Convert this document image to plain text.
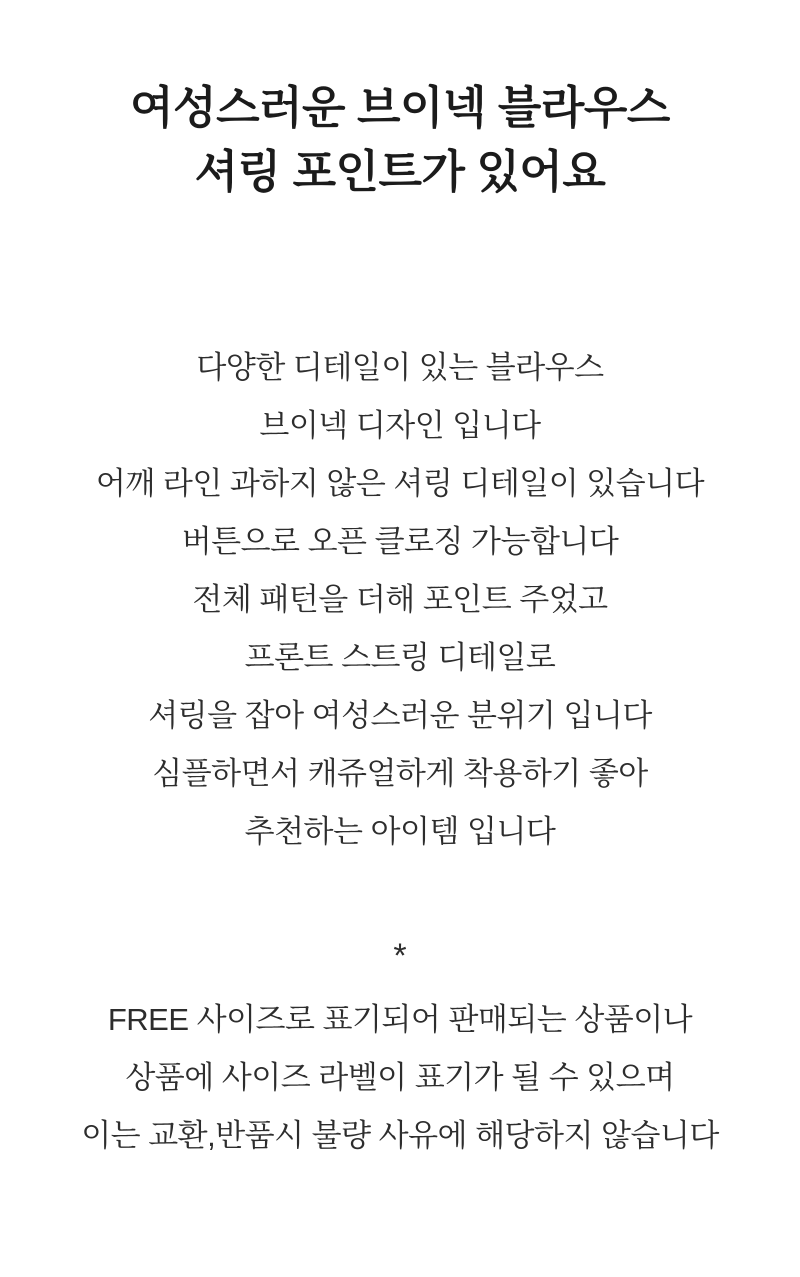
여성스러운 브이넥 블라우스
셔링 포인트가 있어요

다양한 디테일이 있는 블라우스

브이넥 디자인 입니다

어깨 라인 과하지 않은 셔링 디테일이 있습니다

버튼으로 오픈 클로징 가능합니다

전체 패턴을 더해 포인트 주었고

프론트 스트링 디테일로

셔링을 잡아 여성스러운 분위기 입니다

심플하면서 캐쥬얼하게 착용하기 좋아

추천하는 아이템 입니다

*

FREE 사이즈로 표기되어 판매되는 상품이나

상품에 사이즈 라벨이 표기가 될 수 있으며

이는 교환,반품시 불량 사유에 해당하지 않습니다
